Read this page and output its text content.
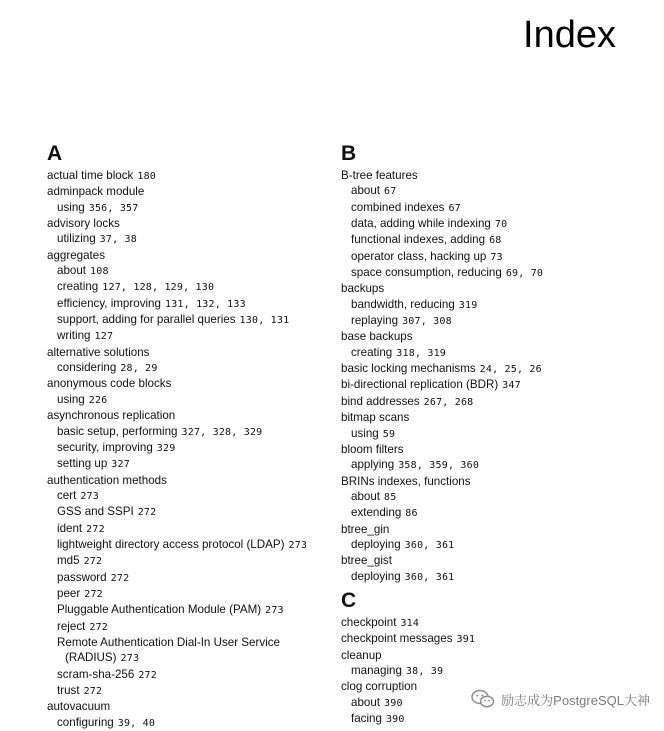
Index
A
actual time block 180
adminpack module
using 356, 357
advisory locks
utilizing 37, 38
aggregates
about 108
creating 127, 128, 129, 130
efficiency, improving 131, 132, 133
support, adding for parallel queries 130, 131
writing 127
alternative solutions
considering 28, 29
anonymous code blocks
using 226
asynchronous replication
basic setup, performing 327, 328, 329
security, improving 329
setting up 327
authentication methods
cert 273
GSS and SSPI 272
ident 272
lightweight directory access protocol (LDAP) 273
md5 272
password 272
peer 272
Pluggable Authentication Module (PAM) 273
reject 272
Remote Authentication Dial-In User Service
(RADIUS) 273
scram-sha-256 272
trust 272
autovacuum
configuring 39, 40
B
B-tree features
about 67
combined indexes 67
data, adding while indexing 70
functional indexes, adding 68
operator class, hacking up 73
space consumption, reducing 69, 70
backups
bandwidth, reducing 319
replaying 307, 308
base backups
creating 318, 319
basic locking mechanisms 24, 25, 26
bi-directional replication (BDR) 347
bind addresses 267, 268
bitmap scans
using 59
bloom filters
applying 358, 359, 360
BRINs indexes, functions
about 85
extending 86
btree_gin
deploying 360, 361
btree_gist
deploying 360, 361
C
checkpoint 314
checkpoint messages 391
cleanup
managing 38, 39
clog corruption
about 390
facing 390
励志成为PostgreSQL大神
